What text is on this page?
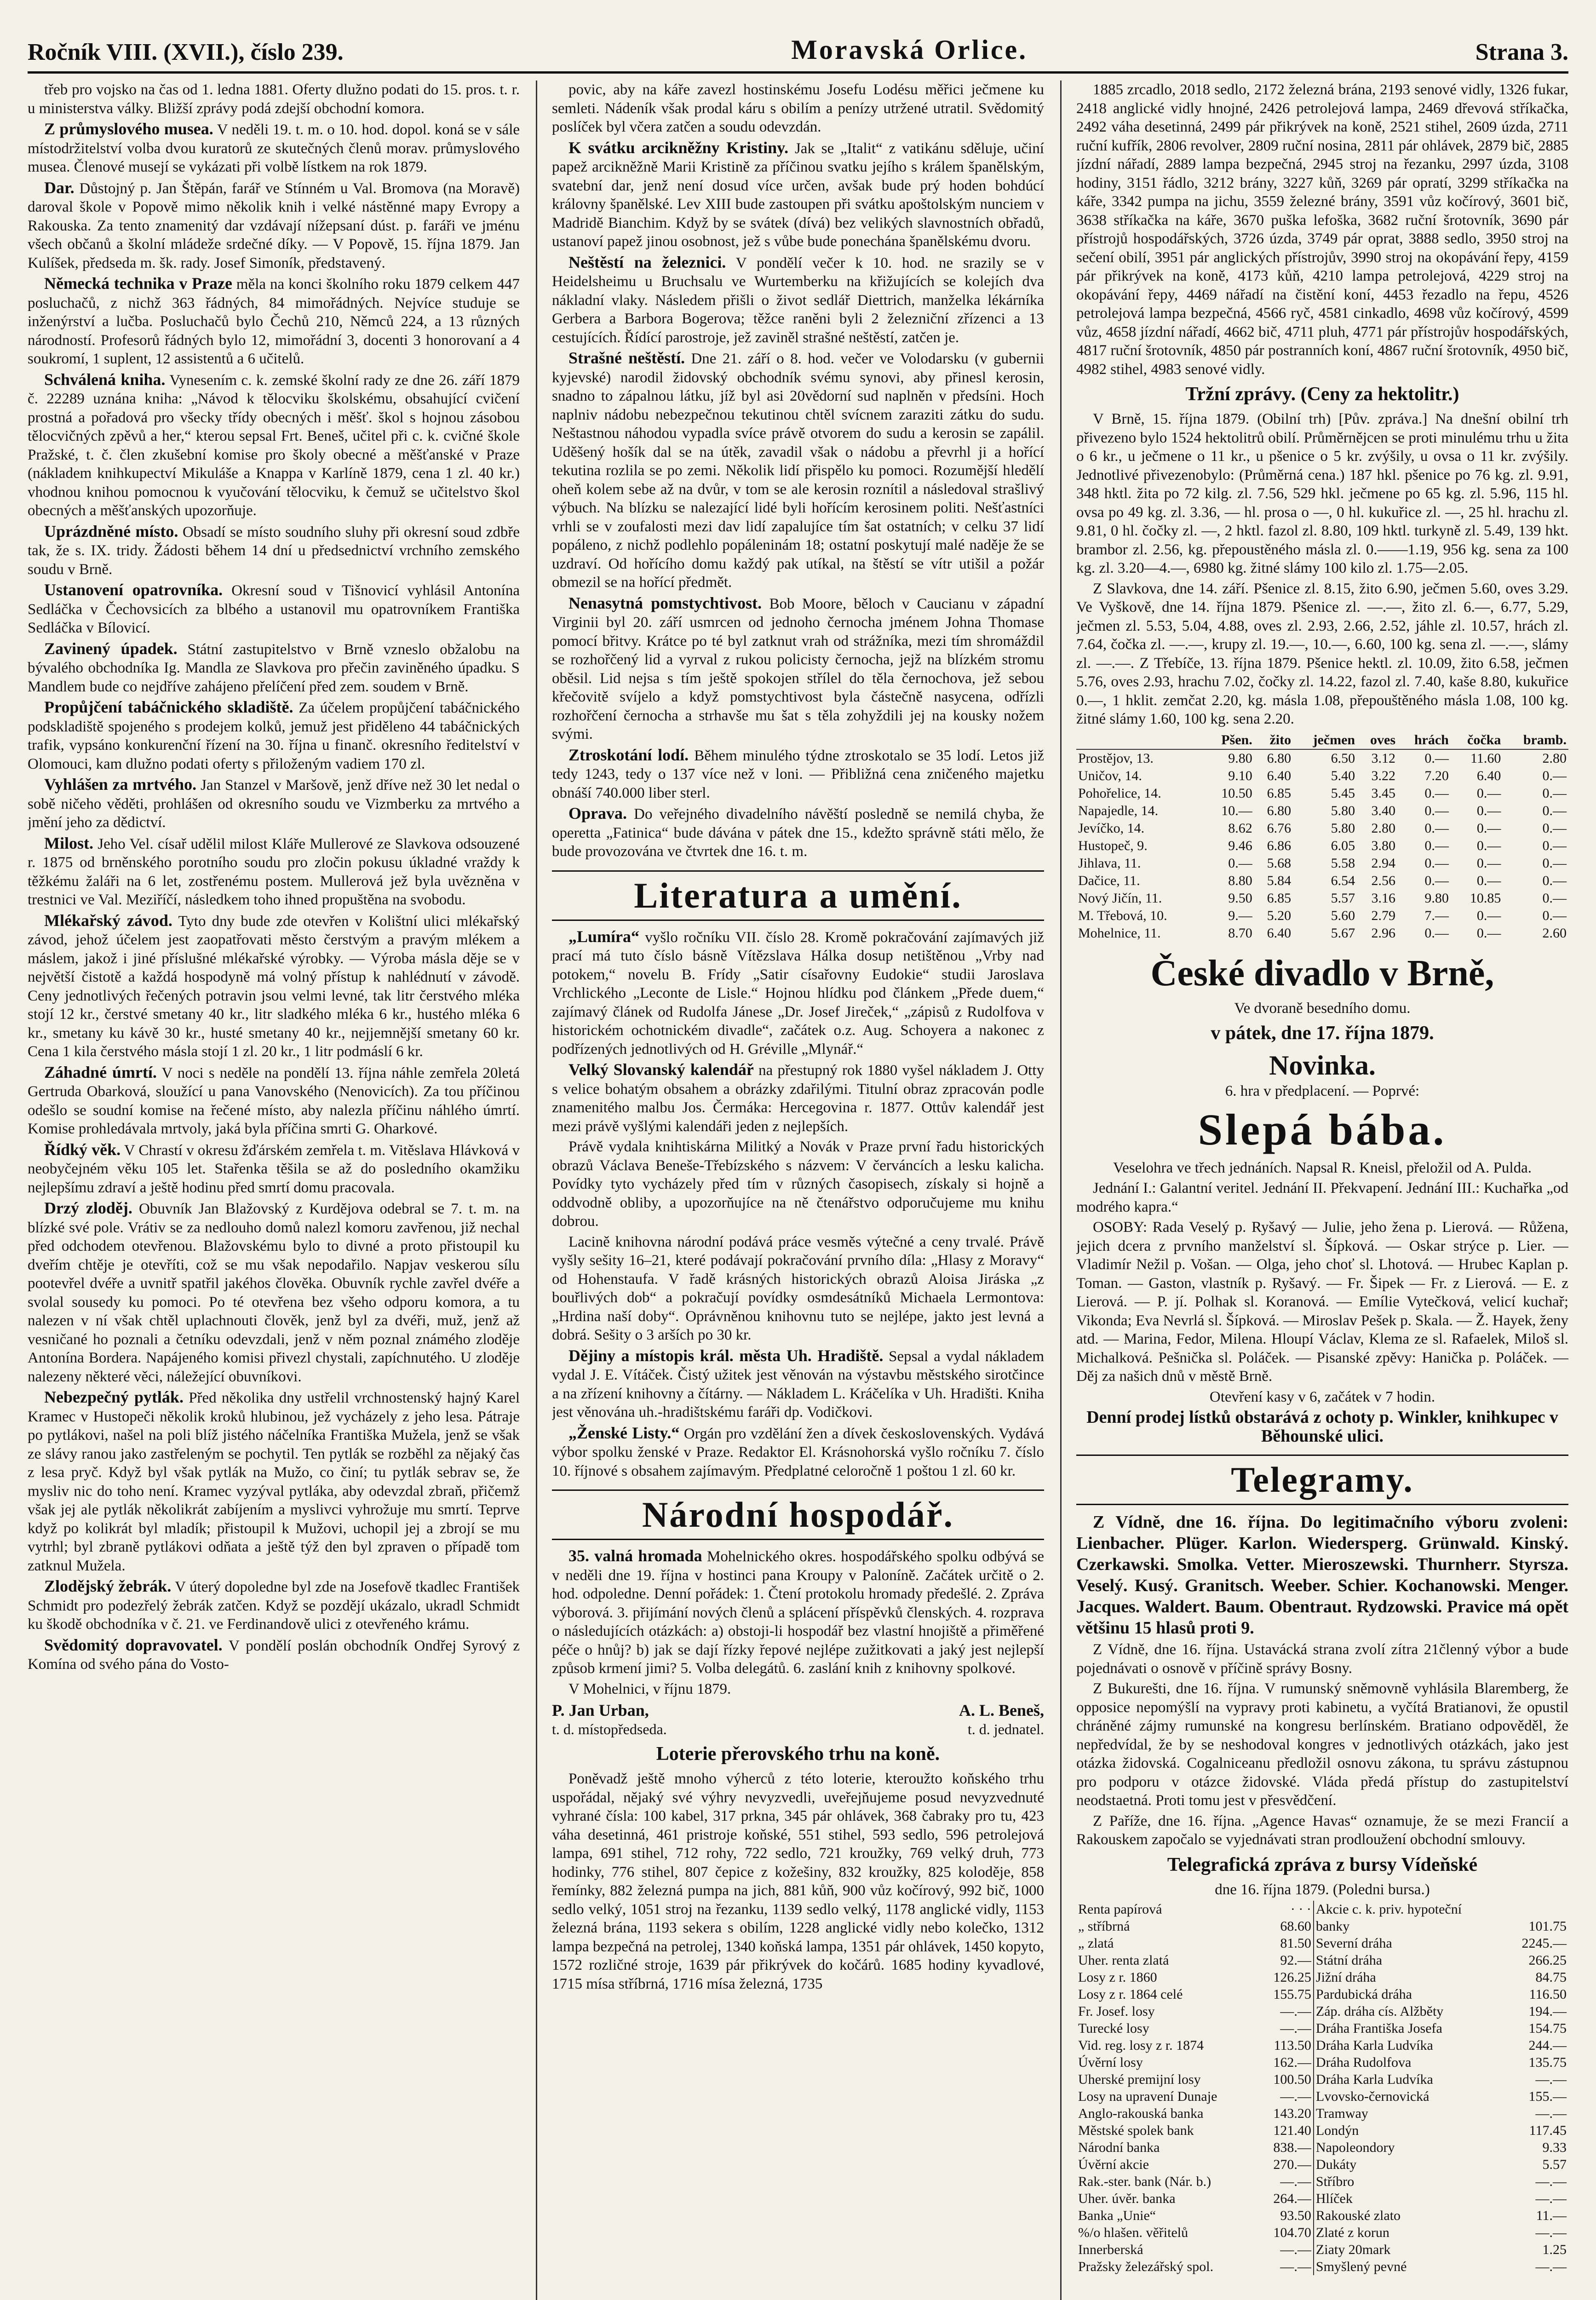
Ročník VIII. (XVII.), číslo 239.	Moravská Orlice.	Strana 3.

třeb pro vojsko na čas od 1. ledna 1881. Oferty dlužno podati do 15. pros. t. r. u ministerstva války. Bližší zprávy podá zdejší obchodní komora.

Z průmyslového musea. V neděli 19. t. m. o 10. hod. dopol. koná se v sále místodržitelství volba dvou kuratorů ze skutečných členů morav. průmyslového musea. Členové musejí se vykázati při volbě lístkem na rok 1879.

Dar. Důstojný p. Jan Štěpán, farář ve Stínném u Val. Bromova (na Moravě) daroval škole v Popově mimo několik knih i velké nástěnné mapy Evropy a Rakouska. Za tento znamenitý dar vzdávají nížepsaní dúst. p. faráři ve jménu všech občanů a školní mládeže srdečné díky. — V Popově, 15. října 1879. Jan Kulíšek, předseda m. šk. rady. Josef Simoník, představený.

Německá technika v Praze měla na konci školního roku 1879 celkem 447 posluchačů, z nichž 363 řádných, 84 mimořádných. Nejvíce studuje se inženýrství a lučba. Posluchačů bylo Čechů 210, Němců 224, a 13 různých národností. Profesorů řádných bylo 12, mimořádní 3, docenti 3 honorovaní a 4 soukromí, 1 suplent, 12 assistentů a 6 učitelů.

Schválená kniha. Vynesením c. k. zemské školní rady ze dne 26. září 1879 č. 22289 uznána kniha: „Návod k tělocviku školskému, obsahující cvičení prostná a pořadová pro všecky třídy obecných i měšť. škol s hojnou zásobou tělocvičných zpěvů a her,“ kterou sepsal Frt. Beneš, učitel při c. k. cvičné škole Pražské, t. č. člen zkušební komise pro školy obecné a měšťanské v Praze (nákladem knihkupectví Mikuláše a Knappa v Karlíně 1879, cena 1 zl. 40 kr.) vhodnou knihou pomocnou k vyučování tělocviku, k čemuž se učitelstvo škol obecných a měšťanských upozorňuje.

Uprázdněné místo. Obsadí se místo soudního sluhy při okresní soud zdbře tak, že s. IX. tridy. Žádosti během 14 dní u předsednictví vrchního zemského soudu v Brně.

Ustanovení opatrovníka. Okresní soud v Tišnovicí vyhlásil Antonína Sedláčka v Čechovsicích za blbého a ustanovil mu opatrovníkem Františka Sedláčka v Bílovicí.

Zavinený úpadek. Státní zastupitelstvo v Brně vzneslo obžalobu na bývalého obchodníka Ig. Mandla ze Slavkova pro přečin zaviněného úpadku. S Mandlem bude co nejdříve zahájeno přelíčení před zem. soudem v Brně.

Propůjčení tabáčnického skladiště. Za účelem propůjčení tabáčnického podskladiště spojeného s prodejem kolků, jemuž jest přiděleno 44 tabáčnických trafik, vypsáno konkurenční řízení na 30. října u finanč. okresního ředitelství v Olomouci, kam dlužno podati oferty s přiloženým vadiem 170 zl.

Vyhlášen za mrtvého. Jan Stanzel v Maršově, jenž dříve než 30 let nedal o sobě ničeho věděti, prohlášen od okresního soudu ve Vizmberku za mrtvého a jmění jeho za dědictví.

Milost. Jeho Vel. císař udělil milost Kláře Mullerové ze Slavkova odsouzené r. 1875 od brněnského porotního soudu pro zločin pokusu úkladné vraždy k těžkému žaláři na 6 let, zostřenému postem. Mullerová jež byla uvězněna v trestnici ve Val. Meziříčí, následkem toho ihned propuštěna na svobodu.

Mlékařský závod. Tyto dny bude zde otevřen v Kolištní ulici mlékařský závod, jehož účelem jest zaopatřovati město čerstvým a pravým mlékem a máslem, jakož i jiné příslušné mlékařské výrobky. — Výroba másla děje se v největší čistotě a každá hospodyně má volný přístup k nahlédnutí v závodě. Ceny jednotlivých řečených potravin jsou velmi levné, tak litr čerstvého mléka stojí 12 kr., čerstvé smetany 40 kr., litr sladkého mléka 6 kr., hustého mléka 6 kr., smetany ku kávě 30 kr., husté smetany 40 kr., nejjemnější smetany 60 kr. Cena 1 kila čerstvého másla stojí 1 zl. 20 kr., 1 litr podmáslí 6 kr.

Záhadné úmrtí. V noci s neděle na pondělí 13. října náhle zemřela 20letá Gertruda Obarková, sloužící u pana Vanovského (Nenovicích). Za tou příčinou odešlo se soudní komise na řečené místo, aby nalezla příčinu náhlého úmrtí. Komise prohledávala mrtvoly, jaká byla příčina smrti G. Oharkové.

Řídký věk. V Chrastí v okresu žďárském zemřela t. m. Vitěslava Hlávková v neobyčejném věku 105 let. Stařenka těšila se až do posledního okamžiku nejlepšímu zdraví a ještě hodinu před smrtí domu pracovala.

Drzý zloděj. Obuvník Jan Blažovský z Kurdějova odebral se 7. t. m. na blízké své pole. Vrátiv se za nedlouho domů nalezl komoru zavřenou, již nechal před odchodem otevřenou. Blažovskému bylo to divné a proto přistoupil ku dveřím chtěje je otevříti, což se mu však nepodařilo. Napjav veskerou sílu pootevřel dvéře a uvnitř spatřil jakéhos člověka. Obuvník rychle zavřel dvéře a svolal sousedy ku pomoci. Po té otevřena bez všeho odporu komora, a tu nalezen v ní však chtěl uplachnouti člověk, jenž byl za dvéři, muž, jenž až vesničané ho poznali a četníku odevzdali, jenž v něm poznal známého zloděje Antonína Bordera. Napájeného komisi přivezl chystali, zapíchnutého. U zloděje nalezeny některé věci, náležející obuvníkovi.

Nebezpečný pytlák. Před několika dny ustřelil vrchnostenský hajný Karel Kramec v Hustopeči několik kroků hlubinou, jež vycházely z jeho lesa. Pátraje po pytlákovi, našel na poli blíž jistého náčelníka Františka Mužela, jenž se však ze slávy ranou jako zastřeleným se pochytil. Ten pytlák se rozběhl za nějaký čas z lesa pryč. Když byl však pytlák na Mužo, co činí; tu pytlák sebrav se, že mysliv nic do toho není. Kramec vyzýval pytláka, aby odevzdal zbraň, přičemž však jej ale pytlák několikrát zabíjením a myslivci vyhrožuje mu smrtí. Teprve když po kolikrát byl mladík; přistoupil k Mužovi, uchopil jej a zbrojí se mu vytrhl; byl zbraně pytlákovi odňata a ještě týž den byl zpraven o případě tom zatknul Mužela.

Zlodějský žebrák. V úterý dopoledne byl zde na Josefově tkadlec František Schmidt pro podezřelý žebrák zatčen. Když se pozdějí ukázalo, ukradl Schmidt ku škodě obchodníka v č. 21. ve Ferdinandově ulici z otevřeného krámu.

Svědomitý dopravovatel. V pondělí poslán obchodník Ondřej Syrový z Komína od svého pána do Vosto-

povic, aby na káře zavezl hostinskému Josefu Lodésu měřici ječmene ku semleti. Nádeník však prodal káru s obilím a penízy utržené utratil. Svědomitý poslíček byl včera zatčen a soudu odevzdán.

K svátku arcikněžny Kristiny. Jak se „Italit“ z vatikánu sděluje, učiní papež arcikněžně Marii Kristině za příčinou svatku jejího s králem španělským, svatební dar, jenž není dosud více určen, avšak bude prý hoden bohdúcí královny španělské. Lev XIII bude zastoupen při svátku apoštolským nunciem v Madridě Bianchim. Když by se svátek (dívá) bez velikých slavnostních obřadů, ustanoví papež jinou osobnost, jež s vůbe bude ponechána španělskému dvoru.

Neštěstí na železnici. V pondělí večer k 10. hod. ne srazily se v Heidelsheimu u Bruchsalu ve Wurtemberku na křižujících se kolejích dva nákladní vlaky. Následem přišli o život sedlář Diettrich, manželka lékárníka Gerbera a Barbora Bogerova; těžce raněni byli 2 železniční zřízenci a 13 cestujících. Řídící parostroje, jež zaviněl strašné neštěstí, zatčen je.

Strašné neštěstí. Dne 21. září o 8. hod. večer ve Volodarsku (v gubernii kyjevské) narodil židovský obchodník svému synovi, aby přinesl kerosin, snadno to zápalnou látku, jíž byl asi 20vědorní sud naplněn v předsíni. Hoch naplniv nádobu nebezpečnou tekutinou chtěl svícnem zaraziti zátku do sudu. Neštastnou náhodou vypadla svíce právě otvorem do sudu a kerosin se zapálil. Uděšený hošík dal se na útěk, zavadil však o nádobu a převrhl ji a hořící tekutina rozlila se po zemi. Několik lidí přispělo ku pomoci. Rozumější hledělí oheň kolem sebe až na dvůr, v tom se ale kerosin roznítil a následoval strašlivý výbuch. Na blízku se nalezající lidé byli hořícím kerosinem politi. Nešťastníci vrhli se v zoufalosti mezi dav lidí zapalujíce tím šat ostatních; v celku 37 lidí popáleno, z nichž podlehlo popáleninám 18; ostatní poskytují malé naděje že se uzdraví. Od hořícího domu každý pak utíkal, na štěstí se vítr utišil a požár obmezil se na hořící předmět.

Nenasytná pomstychtivost. Bob Moore, běloch v Caucianu v západní Virginii byl 20. září usmrcen od jednoho černocha jménem Johna Thomase pomocí břitvy. Krátce po té byl zatknut vrah od strážníka, mezi tím shromáždil se rozhořčený lid a vyrval z rukou policisty černocha, jejž na blízkém stromu oběsil. Lid nejsa s tím ještě spokojen střílel do těla černochova, jež sebou křečovitě svíjelo a když pomstychtivost byla částečně nasycena, odřízli rozhořčení černocha a strhavše mu šat s těla zohyždili jej na kousky nožem svými.

Ztroskotání lodí. Během minulého týdne ztroskotalo se 35 lodí. Letos již tedy 1243, tedy o 137 více než v loni. — Přibližná cena zničeného majetku obnáší 740.000 liber sterl.

Oprava. Do veřejného divadelního návěští posledně se nemilá chyba, že operetta „Fatinica“ bude dávána v pátek dne 15., kdežto správně státi mělo, že bude provozována ve čtvrtek dne 16. t. m.

Literatura a umění.

„Lumíra“ vyšlo ročníku VII. číslo 28. Kromě pokračování zajímavých již prací má tuto číslo básně Vítězslava Hálka dosup netištěnou „Vrby nad potokem,“ novelu B. Frídy „Satir císařovny Eudokie“ studii Jaroslava Vrchlického „Leconte de Lisle.“ Hojnou hlídku pod článkem „Přede duem,“ zajímavý článek od Rudolfa Jánese „Dr. Josef Jireček,“ „zápisů z Rudolfova v historickém ochotnickém divadle“, začátek o.z. Aug. Schoyera a nakonec z podřízených jednotlivých od H. Gréville „Mlynář.“

Velký Slovanský kalendář na přestupný rok 1880 vyšel nákladem J. Otty s velice bohatým obsahem a obrázky zdařilými. Titulní obraz zpracován podle znamenitého malbu Jos. Čermáka: Hercegovina r. 1877. Ottův kalendář jest mezi právě vyšlými kalendáři jeden z nejlepších.

Právě vydala knihtiskárna Militký a Novák v Praze první řadu historických obrazů Václava Beneše-Třebízského s názvem: V červáncích a lesku kalicha. Povídky tyto vycházely před tím v různých časopisech, získaly si hojně a oddvodně obliby, a upozorňujíce na ně čtenářstvo odporučujeme mu knihu dobrou.

Lacině knihovna národní podává práce vesměs výtečné a ceny trvalé. Právě vyšly sešity 16–21, které podávají pokračování prvního díla: „Hlasy z Moravy“ od Hohenstaufa. V řadě krásných historických obrazů Aloisa Jiráska „z bouřlivých dob“ a pokračují povídky osmdesátníků Michaela Lermontova: „Hrdina naší doby“. Oprávněnou knihovnu tuto se nejlépe, jakto jest levná a dobrá. Sešity o 3 arších po 30 kr.

Dějiny a místopis král. města Uh. Hradiště. Sepsal a vydal nákladem vydal J. E. Vítáček. Čistý užitek jest věnován na výstavbu městského sirotčince a na zřízení knihovny a čítárny. — Nákladem L. Kráčelíka v Uh. Hradišti. Kniha jest věnována uh.-hradištskému faráři dp. Vodičkovi.

„Ženské Listy.“ Orgán pro vzdělání žen a dívek československých. Vydává výbor spolku ženské v Praze. Redaktor El. Krásnohorská vyšlo ročníku 7. číslo 10. říjnové s obsahem zajímavým. Předplatné celoročně 1 poštou 1 zl. 60 kr.

Národní hospodář.

35. valná hromada Mohelnického okres. hospodářského spolku odbývá se v neděli dne 19. října v hostinci pana Kroupy v Paloníně. Začátek určitě o 2. hod. odpoledne. Denní pořádek: 1. Čtení protokolu hromady předešlé. 2. Zpráva výborová. 3. přijímání nových členů a splácení příspěvků členských. 4. rozprava o následujících otázkách: a) obstoji-li hospodář bez vlastní hnojiště a přiměřené péče o hnůj? b) jak se dají řízky řepové nejlépe zužitkovati a jaký jest nejlepší způsob krmení jimi? 5. Volba delegátů. 6. zaslání knih z knihovny spolkové.

V Mohelnici, v říjnu 1879.

P. Jan Urban,	A. L. Beneš,
t. d. místopředseda.	t. d. jednatel.
Loterie přerovského trhu na koně.

Poněvadž ještě mnoho výherců z této loterie, kteroužto koňského trhu uspořádal, nějaký své výhry nevyzvedli, uveřejňujeme posud nevyzvednuté vyhrané čísla: 100 kabel, 317 prkna, 345 pár ohlávek, 368 čabraky pro tu, 423 váha desetinná, 461 pristroje koňské, 551 stihel, 593 sedlo, 596 petrolejová lampa, 691 stihel, 712 rohy, 722 sedlo, 721 kroužky, 769 velký druh, 773 hodinky, 776 stihel, 807 čepice z kožešiny, 832 kroužky, 825 koloděje, 858 řemínky, 882 železná pumpa na jich, 881 kůň, 900 vůz kočírový, 992 bič, 1000 sedlo velký, 1051 stroj na řezanku, 1139 sedlo velký, 1178 anglické vidly, 1153 železná brána, 1193 sekera s obilím, 1228 anglické vidly nebo kolečko, 1312 lampa bezpečná na petrolej, 1340 koňská lampa, 1351 pár ohlávek, 1450 kopyto, 1572 rozličné stroje, 1639 pár přikrývek do kočárů. 1685 hodiny kyvadlové, 1715 mísa stříbrná, 1716 mísa železná, 1735

1885 zrcadlo, 2018 sedlo, 2172 železná brána, 2193 senové vidly, 1326 fukar, 2418 anglické vidly hnojné, 2426 petrolejová lampa, 2469 dřevová stříkačka, 2492 váha desetinná, 2499 pár přikrývek na koně, 2521 stihel, 2609 úzda, 2711 ruční kufřík, 2806 revolver, 2809 ruční nosina, 2811 pár ohlávek, 2879 bič, 2885 jízdní nářadí, 2889 lampa bezpečná, 2945 stroj na řezanku, 2997 úzda, 3108 hodiny, 3151 řádlo, 3212 brány, 3227 kůň, 3269 pár opratí, 3299 stříkačka na káře, 3342 pumpa na jichu, 3559 železné brány, 3591 vůz kočírový, 3601 bič, 3638 stříkačka na káře, 3670 puška lefoška, 3682 ruční šrotovník, 3690 pár přístrojů hospodářských, 3726 úzda, 3749 pár oprat, 3888 sedlo, 3950 stroj na sečení obilí, 3951 pár anglických přístrojův, 3990 stroj na okopávání řepy, 4159 pár přikrývek na koně, 4173 kůň, 4210 lampa petrolejová, 4229 stroj na okopávání řepy, 4469 nářadí na čistění koní, 4453 řezadlo na řepu, 4526 petrolejová lampa bezpečná, 4566 ryč, 4581 cinkadlo, 4698 vůz kočírový, 4599 vůz, 4658 jízdní nářadí, 4662 bič, 4711 pluh, 4771 pár přístrojův hospodářských, 4817 ruční šrotovník, 4850 pár postranních koní, 4867 ruční šrotovník, 4950 bič, 4982 stihel, 4983 senové vidly.

Tržní zprávy. (Ceny za hektolitr.)

V Brně, 15. října 1879. (Obilní trh) [Pův. zpráva.] Na dnešní obilní trh přivezeno bylo 1524 hektolitrů obilí. Průměrnějcen se proti minulému trhu u žita o 6 kr., u ječmene o 11 kr., u pšenice o 5 kr. zvýšily, u ovsa o 11 kr. zvýšily. Jednotlivé přivezenobylo: (Průměrná cena.) 187 hkl. pšenice po 76 kg. zl. 9.91, 348 hktl. žita po 72 kilg. zl. 7.56, 529 hkl. ječmene po 65 kg. zl. 5.96, 115 hl. ovsa po 49 kg. zl. 3.36, — hl. prosa o —, 0 hl. kukuřice zl. —, 25 hl. hrachu zl. 9.81, 0 hl. čočky zl. —, 2 hktl. fazol zl. 8.80, 109 hktl. turkyně zl. 5.49, 139 hkt. brambor zl. 2.56, kg. přepoustěného másla zl. 0.——1.19, 956 kg. sena za 100 kg. zl. 3.20—4.—, 6980 kg. žitné slámy 100 kilo zl. 1.75—2.05.

Z Slavkova, dne 14. září. Pšenice zl. 8.15, žito 6.90, ječmen 5.60, oves 3.29. Ve Vyškově, dne 14. října 1879. Pšenice zl. —.—, žito zl. 6.—, 6.77, 5.29, ječmen zl. 5.53, 5.04, 4.88, oves zl. 2.93, 2.66, 2.52, jáhle zl. 10.57, hrách zl. 7.64, čočka zl. —.—, krupy zl. 19.—, 10.—, 6.60, 100 kg. sena zl. —.—, slámy zl. —.—. Z Třebíče, 13. října 1879. Pšenice hektl. zl. 10.09, žito 6.58, ječmen 5.76, oves 2.93, hrachu 7.02, čočky zl. 14.22, fazol zl. 7.40, kaše 8.80, kukuřice 0.—, 1 hklit. zemčat 2.20, kg. másla 1.08, přepouštěného másla 1.08, 100 kg. žitné slámy 1.60, 100 kg. sena 2.20.

	Pšen.	žito	ječmen	oves	hrách	čočka	bramb.
Prostějov, 13.	9.80	6.80	6.50	3.12	0.—	11.60	2.80
Uničov, 14.	9.10	6.40	5.40	3.22	7.20	6.40	0.—
Pohořelice, 14.	10.50	6.85	5.45	3.45	0.—	0.—	0.—
Napajedle, 14.	10.—	6.80	5.80	3.40	0.—	0.—	0.—
Jevíčko, 14.	8.62	6.76	5.80	2.80	0.—	0.—	0.—
Hustopeč, 9.	9.46	6.86	6.05	3.80	0.—	0.—	0.—
Jihlava, 11.	0.—	5.68	5.58	2.94	0.—	0.—	0.—
Dačice, 11.	8.80	5.84	6.54	2.56	0.—	0.—	0.—
Nový Jičín, 11.	9.50	6.85	5.57	3.16	9.80	10.85	0.—
M. Třebová, 10.	9.—	5.20	5.60	2.79	7.—	0.—	0.—
Mohelnice, 11.	8.70	6.40	5.67	2.96	0.—	0.—	2.60
České divadlo v Brně,

Ve dvoraně besedního domu.

v pátek, dne 17. října 1879.
Novinka.

6. hra v předplacení. — Poprvé:

Slepá bába.

Veselohra ve třech jednáních. Napsal R. Kneisl, přeložil od A. Pulda.

Jednání I.: Galantní veritel. Jednání II. Překvapení. Jednání III.: Kuchařka „od modrého kapra.“

OSOBY: Rada Veselý p. Ryšavý — Julie, jeho žena p. Lierová. — Růžena, jejich dcera z prvního manželství sl. Šípková. — Oskar strýce p. Lier. — Vladimír Nežil p. Vošan. — Olga, jeho choť sl. Lhotová. — Hrubec Kaplan p. Toman. — Gaston, vlastník p. Ryšavý. — Fr. Šipek — Fr. z Lierová. — E. z Lierová. — P. jí. Polhak sl. Koranová. — Emílie Vytečková, velicí kuchař; Vikonda; Eva Nevrlá sl. Šípková. — Miroslav Pešek p. Skala. — Ž. Hayek, ženy atd. — Marina, Fedor, Milena. Hloupí Václav, Klema ze sl. Rafaelek, Miloš sl. Michalková. Pešnička sl. Poláček. — Pisanské zpěvy: Hanička p. Poláček. — Děj za našich dnů v městě Brně.

Otevření kasy v 6, začátek v 7 hodin.

Denní prodej lístků obstarává z ochoty p. Winkler, knihkupec v Běhounské ulici.

Telegramy.

Z Vídně, dne 16. října. Do legitimačního výboru zvoleni: Lienbacher. Plüger. Karlon. Wiedersperg. Grünwald. Kinský. Czerkawski. Smolka. Vetter. Mieroszewski. Thurnherr. Styrsza. Veselý. Kusý. Granitsch. Weeber. Schier. Kochanowski. Menger. Jacques. Waldert. Baum. Obentraut. Rydzowski. Pravice má opět většinu 15 hlasů proti 9.

Z Vídně, dne 16. října. Ustavácká strana zvolí zítra 21členný výbor a bude pojednávati o osnově v příčině správy Bosny.

Z Bukurešti, dne 16. října. V rumunský sněmovně vyhlásila Blaremberg, že opposice nepomýšlí na vypravy proti kabinetu, a vyčítá Bratianovi, že opustil chráněné zájmy rumunské na kongresu berlínském. Bratiano odpověděl, že nepředvídal, že by se neshodoval kongres v jednotlivých otázkách, jako jest otázka židovská. Cogalniceanu předložil osnovu zákona, tu správu zástupnou pro podporu v otázce židovské. Vláda předá přístup do zastupitelství neodstaetná. Proti tomu jest v přesvědčení.

Z Paříže, dne 16. října. „Agence Havas“ oznamuje, že se mezi Francií a Rakouskem započalo se vyjednávati stran prodloužení obchodní smlouvy.

Telegrafická zpráva z bursy Vídeňské

dne 16. října 1879. (Poledni bursa.)

Renta papírová	· · ·	Akcie c. k. priv. hypoteční	
„ stříbrná	68.60	banky	101.75
„ zlatá	81.50	Severní dráha	2245.—
Uher. renta zlatá	92.—	Státní dráha	266.25
Losy z r. 1860	126.25	Jižní dráha	84.75
Losy z r. 1864 celé	155.75	Pardubická dráha	116.50
Fr. Josef. losy	—.—	Záp. dráha cís. Alžběty	194.—
Turecké losy	—.—	Dráha Františka Josefa	154.75
Vid. reg. losy z r. 1874	113.50	Dráha Karla Ludvíka	244.—
Úvěrní losy	162.—	Dráha Rudolfova	135.75
Uherské premijní losy	100.50	Dráha Karla Ludvíka	—.—
Losy na upravení Dunaje	—.—	Lvovsko-černovická	155.—
Anglo-rakouská banka	143.20	Tramway	—.—
Městské spolek bank	121.40	Londýn	117.45
Národní banka	838.—	Napoleondory	9.33
Úvěrní akcie	270.—	Dukáty	5.57
Rak.-ster. bank (Nár. b.)	—.—	Stříbro	—.—
Uher. úvěr. banka	264.—	Hlíček	—.—
Banka „Unie“	93.50	Rakouské zlato	11.—
%/o hlašen. věřitelů	104.70	Zlaté z korun	—.—
Innerberská	—.—	Ziaty 20mark	1.25
Pražsky železářský spol.	—.—	Smyšlený pevné	—.—
